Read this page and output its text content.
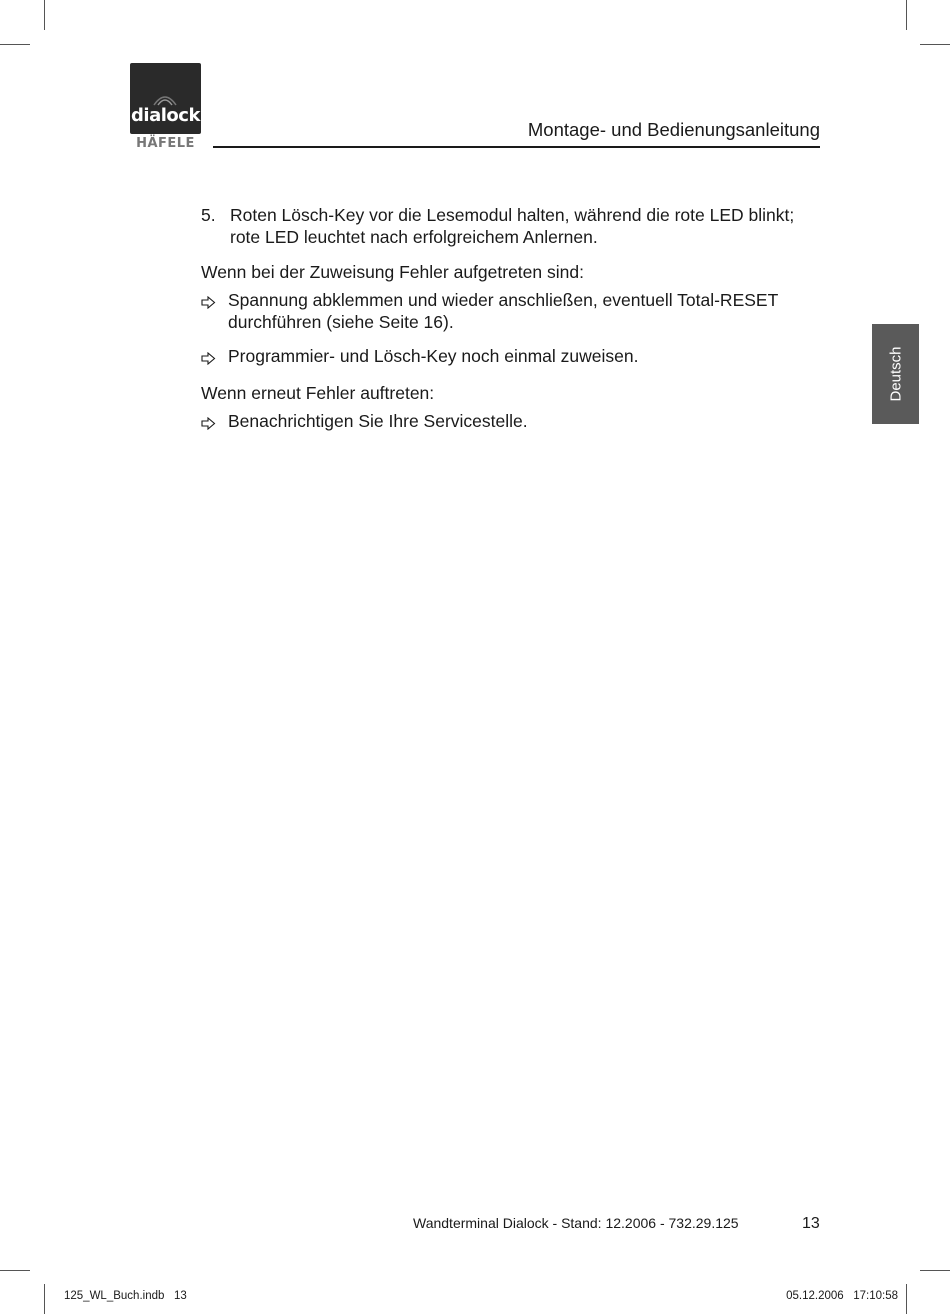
dialock
HÄFELE
Montage- und Bedienungsanleitung
5. Roten Lösch-Key vor die Lesemodul halten, während die rote LED blinkt;
rote LED leuchtet nach erfolgreichem Anlernen.
Wenn bei der Zuweisung Fehler aufgetreten sind:
Spannung abklemmen und wieder anschließen, eventuell Total-RESET durchführen (siehe Seite 16).
Programmier- und Lösch-Key noch einmal zuweisen.
Wenn erneut Fehler auftreten:
Benachrichtigen Sie Ihre Servicestelle.
Deutsch
Wandterminal Dialock - Stand: 12.2006 - 732.29.125	13
125_WL_Buch.indb   13	05.12.2006   17:10:58
